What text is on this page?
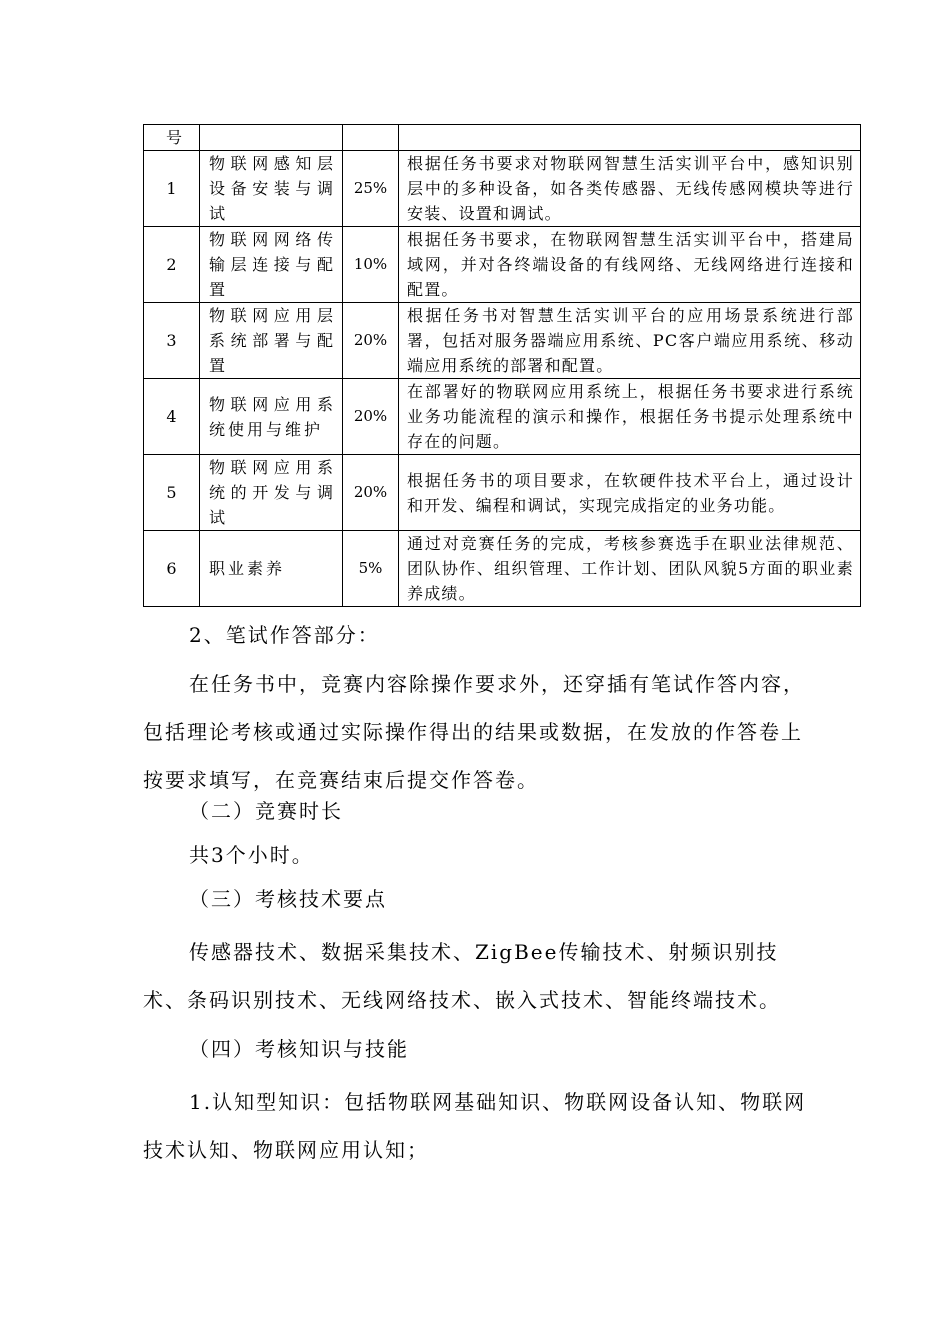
号			
1	物联网感知层设备安装与调试	25%	根据任务书要求对物联网智慧生活实训平台中，感知识别层中的多种设备，如各类传感器、无线传感网模块等进行安装、设置和调试。
2	物联网网络传输层连接与配置	10%	根据任务书要求，在物联网智慧生活实训平台中，搭建局域网，并对各终端设备的有线网络、无线网络进行连接和配置。
3	物联网应用层系统部署与配置	20%	根据任务书对智慧生活实训平台的应用场景系统进行部署，包括对服务器端应用系统、PC客户端应用系统、移动端应用系统的部署和配置。
4	物联网应用系统使用与维护	20%	在部署好的物联网应用系统上，根据任务书要求进行系统业务功能流程的演示和操作，根据任务书提示处理系统中存在的问题。
5	物联网应用系统的开发与调试	20%	根据任务书的项目要求，在软硬件技术平台上，通过设计和开发、编程和调试，实现完成指定的业务功能。
6	职业素养	5%	通过对竞赛任务的完成，考核参赛选手在职业法律规范、团队协作、组织管理、工作计划、团队风貌5方面的职业素养成绩。

2、笔试作答部分：

在任务书中，竞赛内容除操作要求外，还穿插有笔试作答内容，包括理论考核或通过实际操作得出的结果或数据，在发放的作答卷上按要求填写，在竞赛结束后提交作答卷。

（二）竞赛时长

共3个小时。

（三）考核技术要点

传感器技术、数据采集技术、ZigBee传输技术、射频识别技术、条码识别技术、无线网络技术、嵌入式技术、智能终端技术。

（四）考核知识与技能

1.认知型知识：包括物联网基础知识、物联网设备认知、物联网技术认知、物联网应用认知；
